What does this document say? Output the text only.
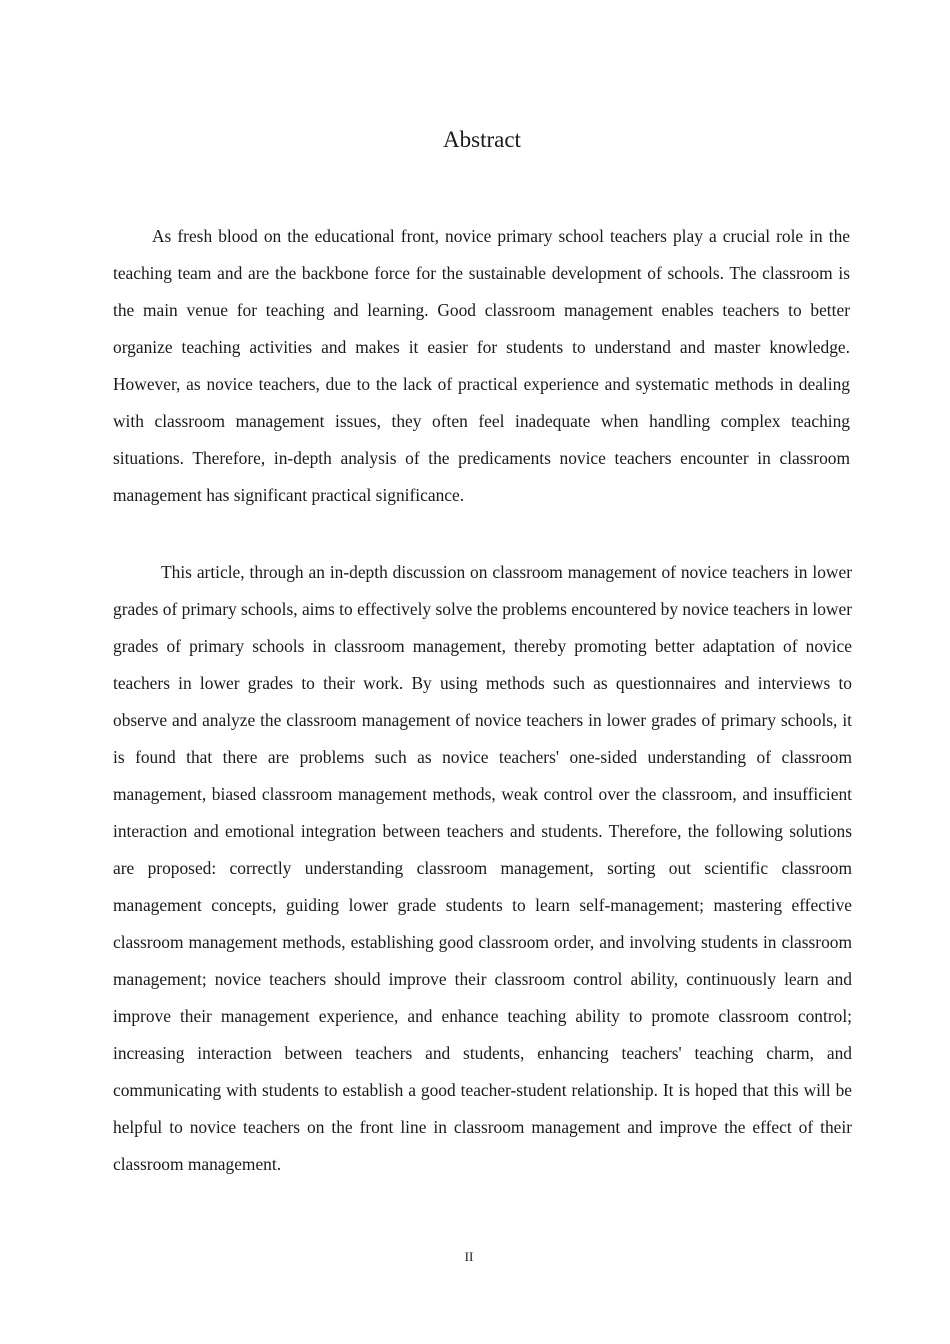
Abstract

As fresh blood on the educational front, novice primary school teachers play a crucial role in the teaching team and are the backbone force for the sustainable development of schools. The classroom is the main venue for teaching and learning. Good classroom management enables teachers to better organize teaching activities and makes it easier for students to understand and master knowledge. However, as novice teachers, due to the lack of practical experience and systematic methods in dealing with classroom management issues, they often feel inadequate when handling complex teaching situations. Therefore, in-depth analysis of the predicaments novice teachers encounter in classroom management has significant practical significance.

This article, through an in-depth discussion on classroom management of novice teachers in lower grades of primary schools, aims to effectively solve the problems encountered by novice teachers in lower grades of primary schools in classroom management, thereby promoting better adaptation of novice teachers in lower grades to their work. By using methods such as questionnaires and interviews to observe and analyze the classroom management of novice teachers in lower grades of primary schools, it is found that there are problems such as novice teachers' one-sided understanding of classroom management, biased classroom management methods, weak control over the classroom, and insufficient interaction and emotional integration between teachers and students. Therefore, the following solutions are proposed: correctly understanding classroom management, sorting out scientific classroom management concepts, guiding lower grade students to learn self-management; mastering effective classroom management methods, establishing good classroom order, and involving students in classroom management; novice teachers should improve their classroom control ability, continuously learn and improve their management experience, and enhance teaching ability to promote classroom control; increasing interaction between teachers and students, enhancing teachers' teaching charm, and communicating with students to establish a good teacher-student relationship. It is hoped that this will be helpful to novice teachers on the front line in classroom management and improve the effect of their classroom management.

II
